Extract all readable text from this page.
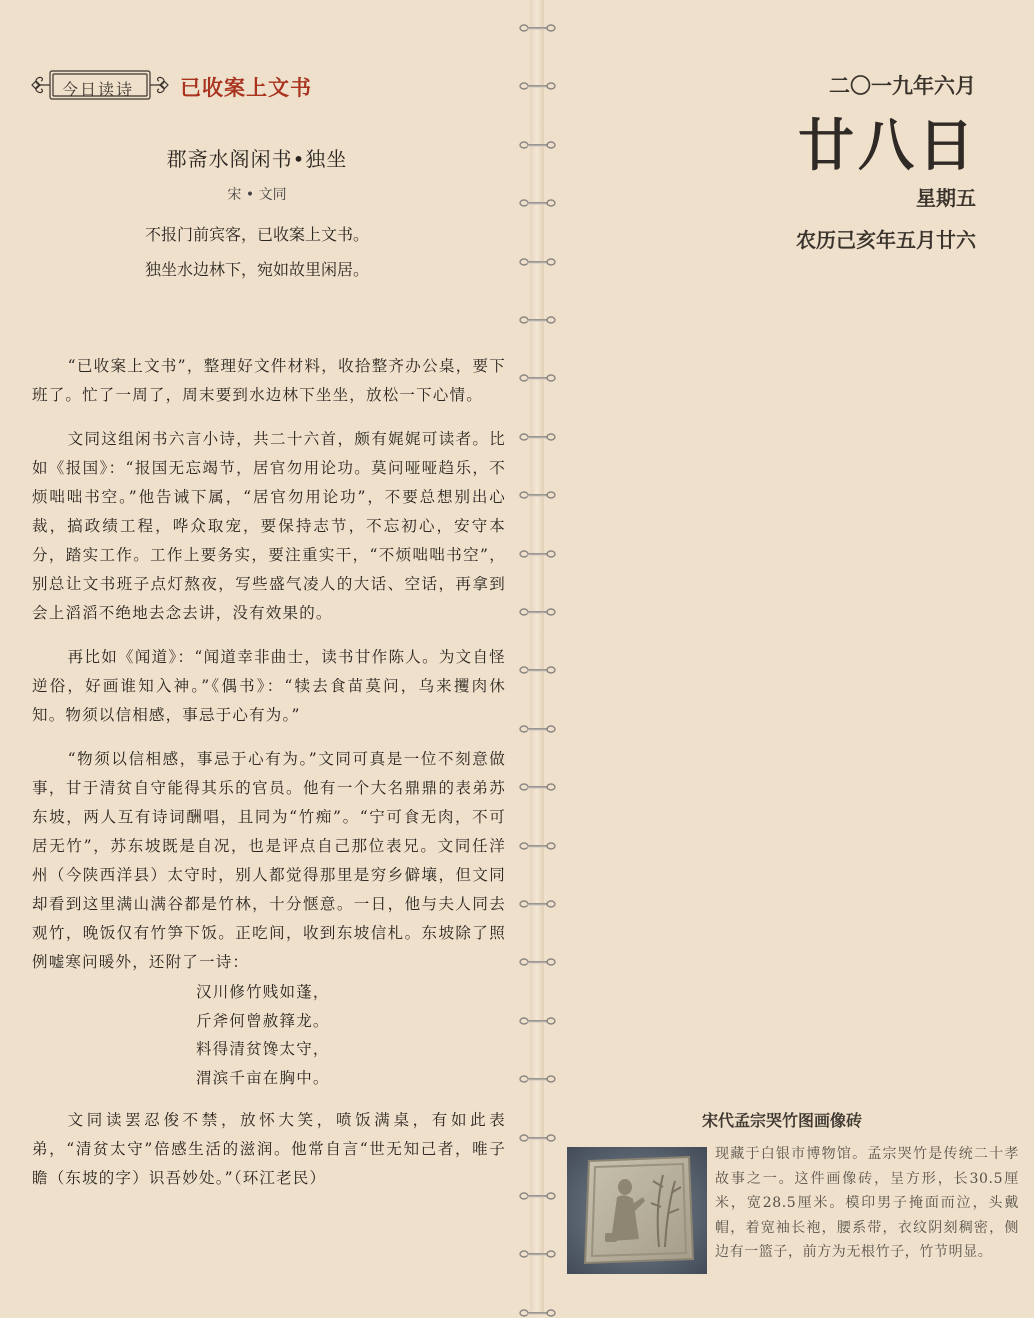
今日读诗 已收案上文书
郡斋水阁闲书•独坐
宋 • 文同
不报门前宾客，已收案上文书。
独坐水边林下，宛如故里闲居。

“已收案上文书”，整理好文件材料，收拾整齐办公桌，要下班了。忙了一周了，周末要到水边林下坐坐，放松一下心情。

文同这组闲书六言小诗，共二十六首，颇有娓娓可读者。比如《报国》：“报国无忘竭节，居官勿用论功。莫问哑哑趋乐，不烦咄咄书空。”他告诫下属，“居官勿用论功”，不要总想别出心裁，搞政绩工程，哗众取宠，要保持志节，不忘初心，安守本分，踏实工作。工作上要务实，要注重实干，“不烦咄咄书空”，别总让文书班子点灯熬夜，写些盛气凌人的大话、空话，再拿到会上滔滔不绝地去念去讲，没有效果的。

再比如《闻道》：“闻道幸非曲士，读书甘作陈人。为文自怪逆俗，好画谁知入神。”《偶书》：“犊去食苗莫问，乌来攫肉休知。物须以信相感，事忌于心有为。”

“物须以信相感，事忌于心有为。”文同可真是一位不刻意做事，甘于清贫自守能得其乐的官员。他有一个大名鼎鼎的表弟苏东坡，两人互有诗词酬唱，且同为“竹痴”。“宁可食无肉，不可居无竹”，苏东坡既是自况，也是评点自己那位表兄。文同任洋州（今陕西洋县）太守时，别人都觉得那里是穷乡僻壤，但文同却看到这里满山满谷都是竹林，十分惬意。一日，他与夫人同去观竹，晚饭仅有竹笋下饭。正吃间，收到东坡信札。东坡除了照例嘘寒问暖外，还附了一诗：

汉川修竹贱如蓬，
斤斧何曾赦箨龙。
料得清贫馋太守，
渭滨千亩在胸中。

文同读罢忍俊不禁，放怀大笑，喷饭满桌，有如此表弟，“清贫太守”倍感生活的滋润。他常自言“世无知己者，唯子瞻（东坡的字）识吾妙处。”（环江老民）

二〇一九年六月
廿八日
星期五
农历己亥年五月廿六
宋代孟宗哭竹图画像砖
现藏于白银市博物馆。孟宗哭竹是传统二十孝故事之一。这件画像砖，呈方形，长30.5厘米，宽28.5厘米。模印男子掩面而泣，头戴帽，着宽袖长袍，腰系带，衣纹阴刻稠密，侧边有一篮子，前方为无根竹子，竹节明显。
